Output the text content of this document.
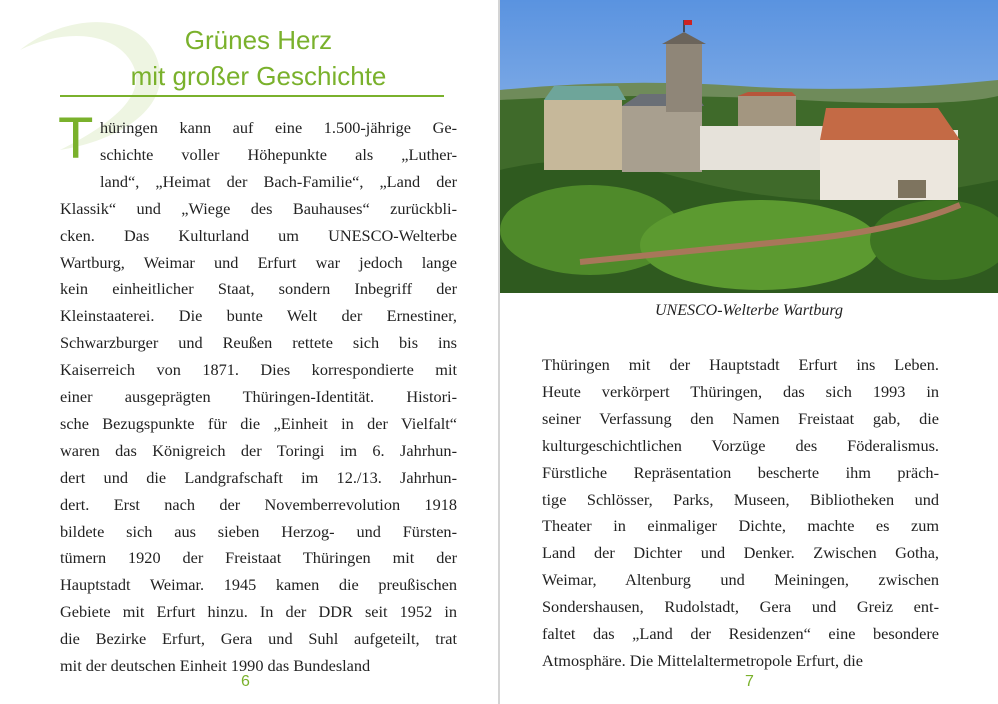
Grünes Herz
mit großer Geschichte
T hüringen kann auf eine 1.500-jährige Ge-
schichte voller Höhepunkte als „Luther-
land“, „Heimat der Bach-Familie“, „Land der
Klassik“ und „Wiege des Bauhauses“ zurückbli-
cken. Das Kulturland um UNESCO-Welterbe
Wartburg, Weimar und Erfurt war jedoch lange
kein einheitlicher Staat, sondern Inbegriff der
Kleinstaaterei. Die bunte Welt der Ernestiner,
Schwarzburger und Reußen rettete sich bis ins
Kaiserreich von 1871. Dies korrespondierte mit
einer ausgeprägten Thüringen-Identität. Histori-
sche Bezugspunkte für die „Einheit in der Vielfalt“
waren das Königreich der Toringi im 6. Jahrhun-
dert und die Landgrafschaft im 12./13. Jahrhun-
dert. Erst nach der Novemberrevolution 1918
bildete sich aus sieben Herzog- und Fürsten-
tümern 1920 der Freistaat Thüringen mit der
Hauptstadt Weimar. 1945 kamen die preußischen
Gebiete mit Erfurt hinzu. In der DDR seit 1952 in
die Bezirke Erfurt, Gera und Suhl aufgeteilt, trat
mit der deutschen Einheit 1990 das Bundesland
6
UNESCO-Welterbe Wartburg
Thüringen mit der Hauptstadt Erfurt ins Leben.
Heute verkörpert Thüringen, das sich 1993 in
seiner Verfassung den Namen Freistaat gab, die
kulturgeschichtlichen Vorzüge des Föderalismus.
Fürstliche Repräsentation bescherte ihm präch-
tige Schlösser, Parks, Museen, Bibliotheken und
Theater in einmaliger Dichte, machte es zum
Land der Dichter und Denker. Zwischen Gotha,
Weimar, Altenburg und Meiningen, zwischen
Sondershausen, Rudolstadt, Gera und Greiz ent-
faltet das „Land der Residenzen“ eine besondere
Atmosphäre. Die Mittelaltermetropole Erfurt, die
7
